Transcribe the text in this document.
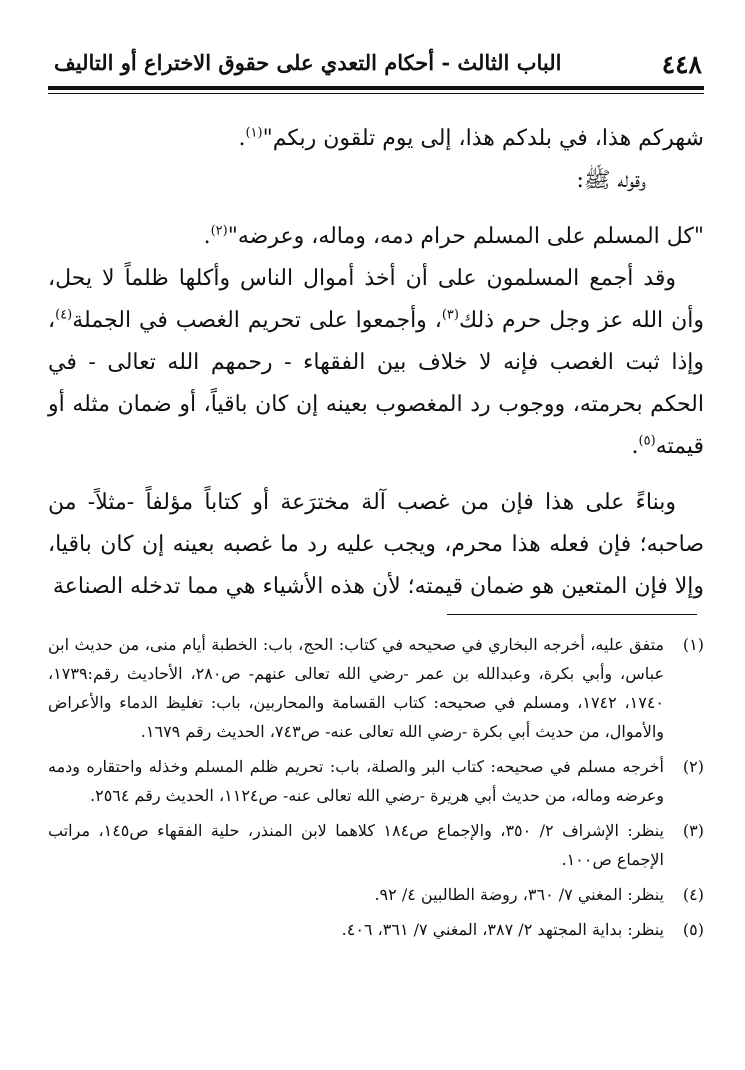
٤٤٨
الباب الثالث - أحكام التعدي على حقوق الاختراع أو التاليف

شهركم هذا، في بلدكم هذا، إلى يوم تلقون ربكم"$^{(١)}$.

وقوله ﷺ:

"كل المسلم على المسلم حرام دمه، وماله، وعرضه"$^{(٢)}$.

وقد أجمع المسلمون على أن أخذ أموال الناس وأكلها ظلماً لا يحل، وأن الله عز وجل حرم ذلك$^{(٣)}$، وأجمعوا على تحريم الغصب في الجملة$^{(٤)}$، وإذا ثبت الغصب فإنه لا خلاف بين الفقهاء - رحمهم الله تعالى - في الحكم بحرمته، ووجوب رد المغصوب بعينه إن كان باقياً، أو ضمان مثله أو قيمته$^{(٥)}$.

وبناءً على هذا فإن من غصب آلة مخترَعة أو كتاباً مؤلفاً -مثلاً- من صاحبه؛ فإن فعله هذا محرم، ويجب عليه رد ما غصبه بعينه إن كان باقيا، وإلا فإن المتعين هو ضمان قيمته؛ لأن هذه الأشياء هي مما تدخله الصناعة

(١)
متفق عليه، أخرجه البخاري في صحيحه في كتاب: الحج، باب: الخطبة أيام منى، من حديث ابن عباس، وأبي بكرة، وعبدالله بن عمر -رضي الله تعالى عنهم- ص٢٨٠، الأحاديث رقم:١٧٣٩، ١٧٤٠، ١٧٤٢، ومسلم في صحيحه: كتاب القسامة والمحاربين، باب: تغليظ الدماء والأعراض والأموال، من حديث أبي بكرة -رضي الله تعالى عنه- ص٧٤٣، الحديث رقم ١٦٧٩.
(٢)
أخرجه مسلم في صحيحه: كتاب البر والصلة، باب: تحريم ظلم المسلم وخذله واحتقاره ودمه وعرضه وماله، من حديث أبي هريرة -رضي الله تعالى عنه- ص١١٢٤، الحديث رقم ٢٥٦٤.
(٣)
ينظر: الإشراف ٢/ ٣٥٠، والإجماع ص١٨٤ كلاهما لابن المنذر، حلية الفقهاء ص١٤٥، مراتب الإجماع ص١٠٠.
(٤)
ينظر: المغني ٧/ ٣٦٠، روضة الطالبين ٤/ ٩٢.
(٥)
ينظر: بداية المجتهد ٢/ ٣٨٧، المغني ٧/ ٣٦١، ٤٠٦.
